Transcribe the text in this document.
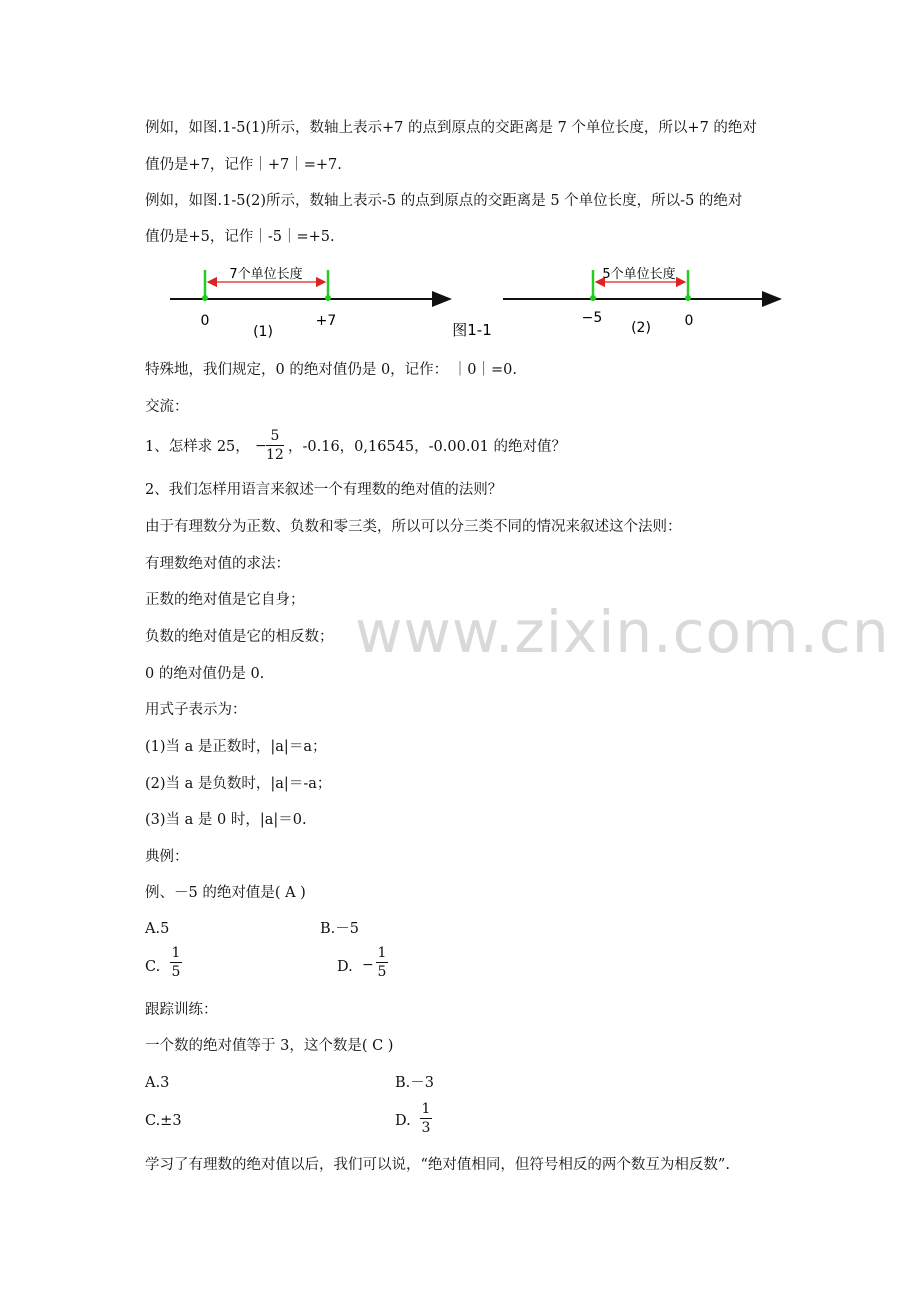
例如，如图.1-5(1)所示，数轴上表示+7 的点到原点的交距离是 7 个单位长度，所以+7 的绝对
值仍是+7，记作｜+7｜=+7.
例如，如图.1-5(2)所示，数轴上表示-5 的点到原点的交距离是 5 个单位长度，所以-5 的绝对
值仍是+5，记作｜-5｜=+5.
7个单位长度
0	+7
(1)	图1-1
5个单位长度
−5	0
(2)
特殊地，我们规定，0 的绝对值仍是 0，记作： ｜0｜=0.
交流：
1、怎样求 25， −
5
12 ，-0.16，0,16545，-0.00.01 的绝对值？
2、我们怎样用语言来叙述一个有理数的绝对值的法则？
由于有理数分为正数、负数和零三类，所以可以分三类不同的情况来叙述这个法则：
有理数绝对值的求法：
正数的绝对值是它自身；
负数的绝对值是它的相反数；
0 的绝对值仍是 0.
用式子表示为：
(1)当 a 是正数时，|a|＝a；
(2)当 a 是负数时，|a|＝-a；
(3)当 a 是 0 时，|a|＝0.
典例：
例、－5 的绝对值是( A )
A.5	B.－5
C.
1
5	D. −
1
5
跟踪训练：
一个数的绝对值等于 3，这个数是( C )
A.3	B.－3
C.±3	D.
1
3
学习了有理数的绝对值以后，我们可以说，“绝对值相同，但符号相反的两个数互为相反数”.
www.zixin.com.cn
